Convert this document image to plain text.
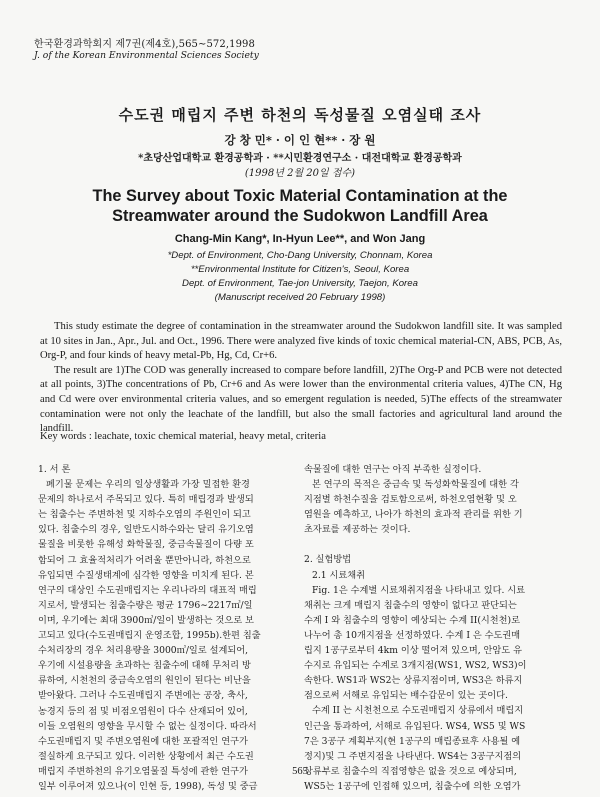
한국환경과학회지 제7권(제4호),565∼572,1998
J. of the Korean Environmental Sciences Society
수도권 매립지 주변 하천의 독성물질 오염실태 조사
강 창 민* · 이 인 현** · 장 원
*초당산업대학교 환경공학과 · **시민환경연구소 · 대전대학교 환경공학과
(1998년 2월 20일 접수)
The Survey about Toxic Material Contamination at the
Streamwater around the Sudokwon Landfill Area
Chang-Min Kang*, In-Hyun Lee**, and Won Jang
*Dept. of Environment, Cho-Dang University, Chonnam, Korea
**Environmental Institute for Citizen's, Seoul, Korea
Dept. of Environment, Tae-jon University, Taejon, Korea
(Manuscript received 20 February 1998)

This study estimate the degree of contamination in the streamwater around the Sudokwon landfill site. It was sampled at 10 sites in Jan., Apr., Jul. and Oct., 1996. There were analyzed five kinds of toxic chemical material-CN, ABS, PCB, As, Org-P, and four kinds of heavy metal-Pb, Hg, Cd, Cr+6.

The result are 1)The COD was generally increased to compare before landfill, 2)The Org-P and PCB were not detected at all points, 3)The concentrations of Pb, Cr+6 and As were lower than the environmental criteria values, 4)The CN, Hg and Cd were over environmental criteria values, and so emergent regulation is needed, 5)The effects of the streamwater contamination were not only the leachate of the landfill, but also the small factories and agricultural land around the landfill.

Key words : leachate, toxic chemical material, heavy metal, criteria
1. 서 론
폐기물 문제는 우리의 일상생활과 가장 밀접한 환경
문제의 하나로서 주목되고 있다. 특히 매립경과 발생되
는 침출수는 주변하천 및 지하수오염의 주원인이 되고
있다. 침출수의 경우, 일반도시하수와는 달리 유기오염
물질을 비롯한 유해성 화학물질, 중금속물질이 다량 포
함되어 그 효율적처리가 어려울 뿐만아니라, 하천으로
유입되면 수질생태계에 심각한 영향을 미치게 된다. 본
연구의 대상인 수도권매립지는 우리나라의 대표적 매립
지로서, 발생되는 침출수량은 평균 1796∼2217㎥/일
이며, 우기에는 최대 3900㎥/일이 발생하는 것으로 보
고되고 있다(수도권매립지 운영조합, 1995b).한편 침출
수처리장의 경우 처리용량을 3000㎥/일로 설계되어,
우기에 시설용량을 초과하는 침출수에 대해 무처리 방
류하여, 시천천의 중금속오염의 원인이 된다는 비난을
받아왔다. 그러나 수도권매립지 주변에는 공장, 축사,
농경지 등의 점 및 비점오염원이 다수 산재되어 있어,
이들 오염원의 영향을 무시할 수 없는 실정이다. 따라서
수도권매립지 및 주변오염원에 대한 포괄적인 연구가
절실하게 요구되고 있다. 이러한 상황에서 최근 수도권
매립지 주변하천의 유기오염물질 특성에 관한 연구가
일부 이루어져 있으나(이 인현 등, 1998), 독성 및 중금
속물질에 대한 연구는 아직 부족한 실정이다.
본 연구의 목적은 중금속 및 독성화학물질에 대한 각
지점별 하천수질을 검토함으로써, 하천오염현황 및 오
염원을 예측하고, 나아가 하천의 효과적 관리를 위한 기
초자료를 제공하는 것이다.
2. 실험방법
2.1 시료채취
Fig. 1은 수계별 시료채취지점을 나타내고 있다. 시료
채취는 크게 매립지 침출수의 영향이 없다고 판단되는
수계 I 와 침출수의 영향이 예상되는 수계 II(시천천)로
나누어 총 10개지점을 선정하였다. 수계 I 은 수도권매
립지 1공구로부터 4km 이상 떨어져 있으며, 안암도 유
수지로 유입되는 수계로 3개지점(WS1, WS2, WS3)이
속한다. WS1과 WS2는 상류지점이며, WS3은 하류지
점으로써 서해로 유입되는 배수갑문이 있는 곳이다.
수계 II 는 시천천으로 수도권매립지 상류에서 매립지
인근을 통과하여, 서해로 유입된다. WS4, WS5 및 WS
7은 3공구 계획부지(현 1공구의 매립종료후 사용될 예
정지)및 그 주변지점을 나타낸다. WS4는 3공구지점의
상류부로 침출수의 직접영향은 없을 것으로 예상되며,
WS5는 1공구에 인접해 있으며, 침출수에 의한 오염가
565
